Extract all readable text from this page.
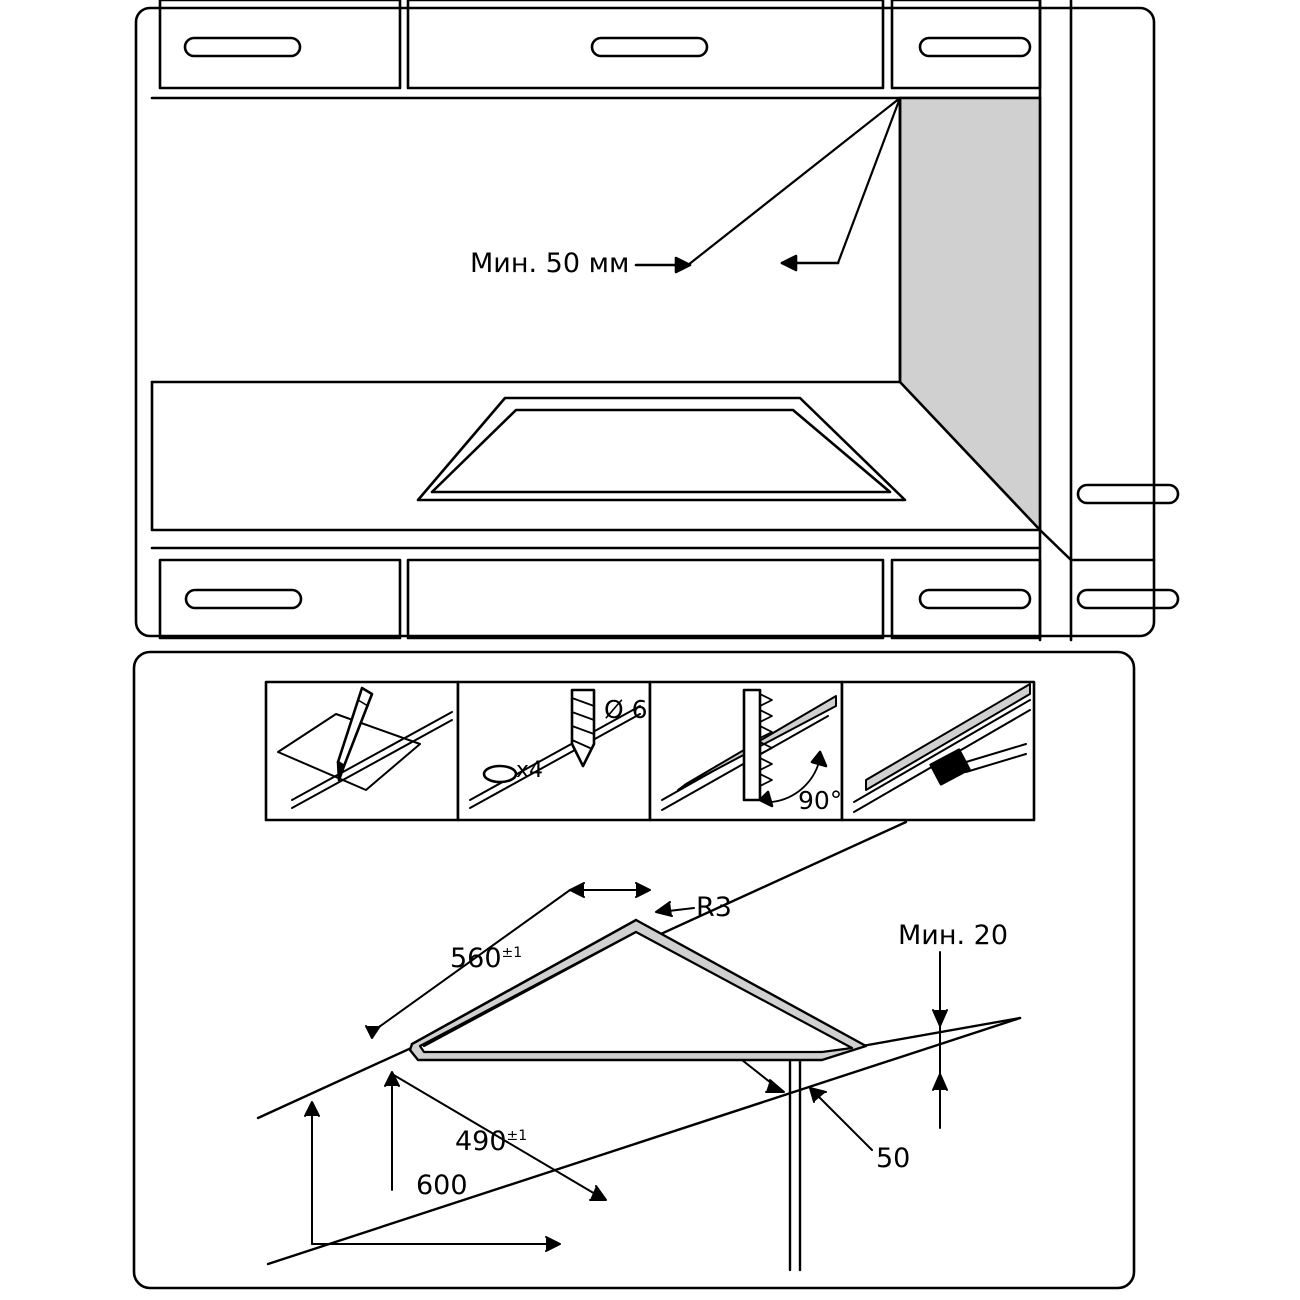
Мин. 50 мм
Ø 6
x4
90°
R3
$560^{\pm 1}$
$490^{\pm 1}$
600
Мин. 20
50
